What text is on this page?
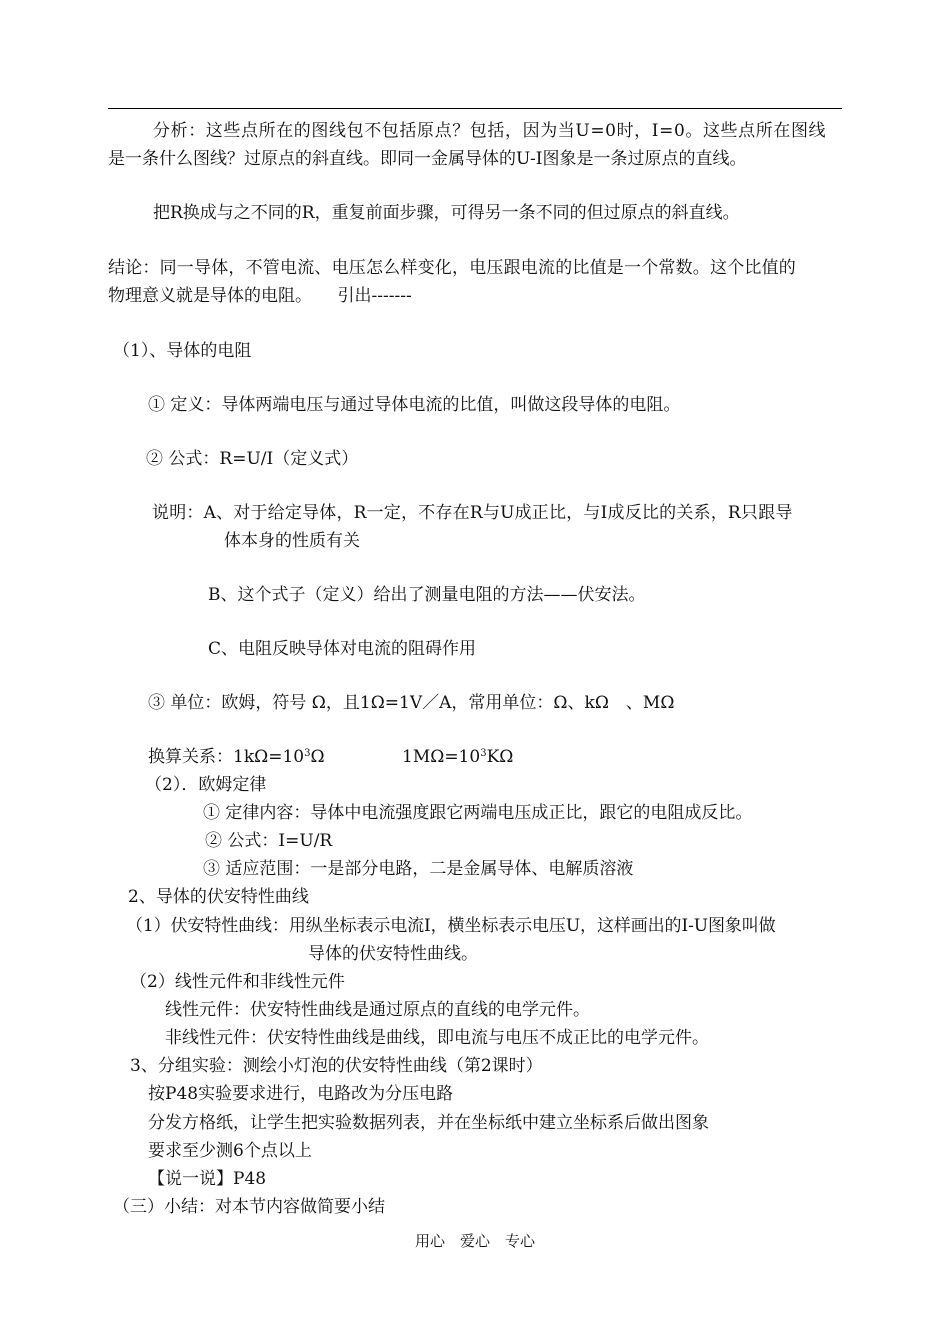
分析：这些点所在的图线包不包括原点？包括，因为当U=0时，I=0。这些点所在图线
是一条什么图线？过原点的斜直线。即同一金属导体的U-I图象是一条过原点的直线。
把R换成与之不同的R，重复前面步骤，可得另一条不同的但过原点的斜直线。
结论：同一导体，不管电流、电压怎么样变化，电压跟电流的比值是一个常数。这个比值的
物理意义就是导体的电阻。　　引出-------
（1）、导体的电阻
① 定义：导体两端电压与通过导体电流的比值，叫做这段导体的电阻。
② 公式：R=U/I（定义式）
说明：A、对于给定导体，R一定，不存在R与U成正比，与I成反比的关系，R只跟导
体本身的性质有关
B、这个式子（定义）给出了测量电阻的方法——伏安法。
C、电阻反映导体对电流的阻碍作用
③ 单位：欧姆，符号 Ω，且1Ω=1V／A，常用单位：Ω、kΩ　、MΩ
换算关系：$1k\Omega=10^3\Omega$	$1M\Omega=10^3K\Omega$
（2）．欧姆定律
① 定律内容：导体中电流强度跟它两端电压成正比，跟它的电阻成反比。
② 公式：I=U/R
③ 适应范围：一是部分电路，二是金属导体、电解质溶液
2、导体的伏安特性曲线
（1）伏安特性曲线：用纵坐标表示电流I，横坐标表示电压U，这样画出的I-U图象叫做
导体的伏安特性曲线。
（2）线性元件和非线性元件
线性元件：伏安特性曲线是通过原点的直线的电学元件。
非线性元件：伏安特性曲线是曲线，即电流与电压不成正比的电学元件。
3、分组实验：测绘小灯泡的伏安特性曲线（第2课时）
按P48实验要求进行，电路改为分压电路
分发方格纸，让学生把实验数据列表，并在坐标纸中建立坐标系后做出图象
要求至少测6个点以上
【说一说】P48
（三）小结：对本节内容做简要小结
用心　爱心　专心
